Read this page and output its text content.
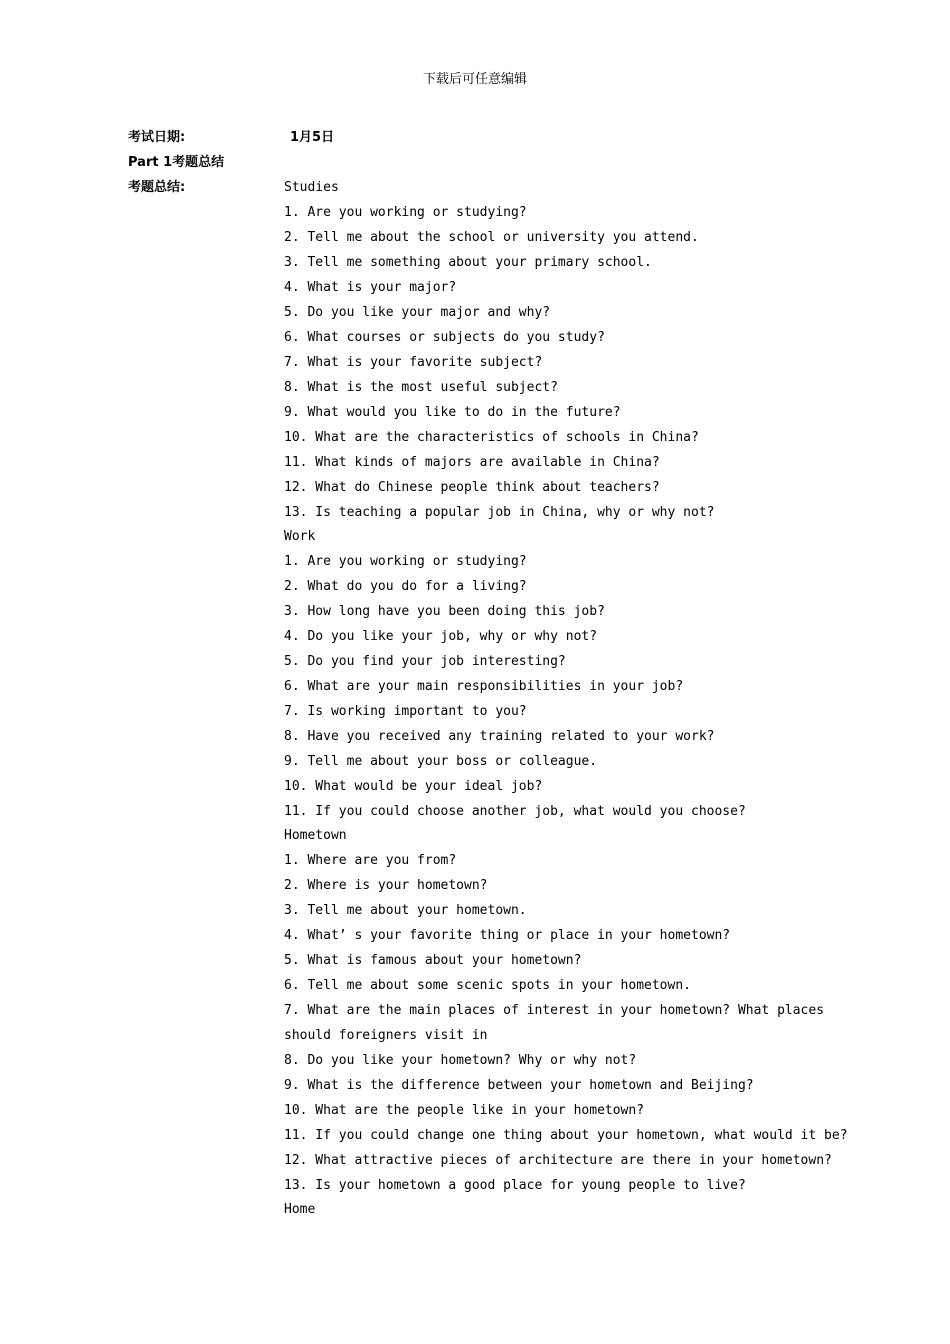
下载后可任意编辑
考试日期:	1月5日
Part 1考题总结
考题总结:	Studies
1. Are you working or studying?
2. Tell me about the school or university you attend.
3. Tell me something about your primary school.
4. What is your major?
5. Do you like your major and why?
6. What courses or subjects do you study?
7. What is your favorite subject?
8. What is the most useful subject?
9. What would you like to do in the future?
10. What are the characteristics of schools in China?
11. What kinds of majors are available in China?
12. What do Chinese people think about teachers?
13. Is teaching a popular job in China, why or why not?
Work
1. Are you working or studying?
2. What do you do for a living?
3. How long have you been doing this job?
4. Do you like your job, why or why not?
5. Do you find your job interesting?
6. What are your main responsibilities in your job?
7. Is working important to you?
8. Have you received any training related to your work?
9. Tell me about your boss or colleague.
10. What would be your ideal job?
11. If you could choose another job, what would you choose?
Hometown
1. Where are you from?
2. Where is your hometown?
3. Tell me about your hometown.
4. What’ s your favorite thing or place in your hometown?
5. What is famous about your hometown?
6. Tell me about some scenic spots in your hometown.
7. What are the main places of interest in your hometown? What places
should foreigners visit in
8. Do you like your hometown? Why or why not?
9. What is the difference between your hometown and Beijing?
10. What are the people like in your hometown?
11. If you could change one thing about your hometown, what would it be?
12. What attractive pieces of architecture are there in your hometown?
13. Is your hometown a good place for young people to live?
Home
